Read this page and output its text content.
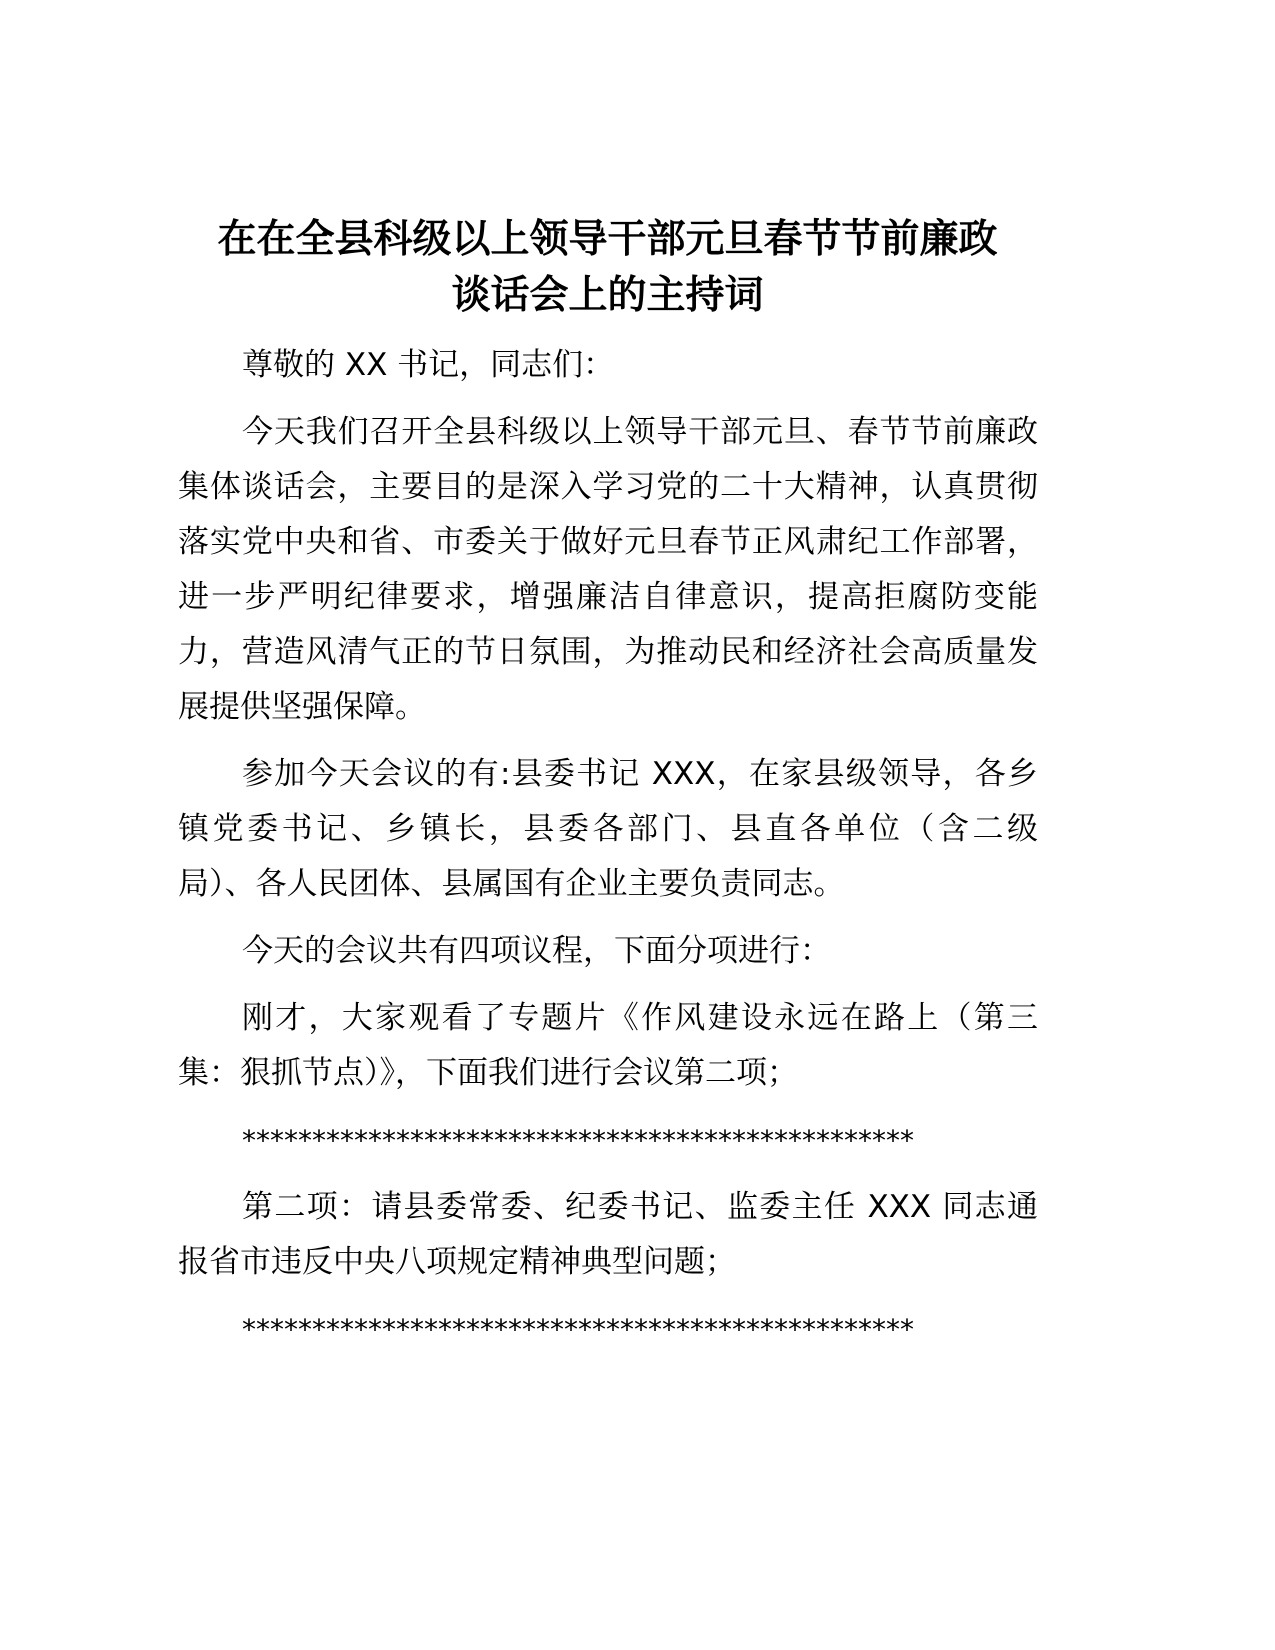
在在全县科级以上领导干部元旦春节节前廉政
谈话会上的主持词
尊敬的 XX 书记，同志们：
今天我们召开全县科级以上领导干部元旦、春节节前廉政
集体谈话会，主要目的是深入学习党的二十大精神，认真贯彻
落实党中央和省、市委关于做好元旦春节正风肃纪工作部署，
进一步严明纪律要求，增强廉洁自律意识，提高拒腐防变能
力，营造风清气正的节日氛围，为推动民和经济社会高质量发
展提供坚强保障。
参加今天会议的有:县委书记 XXX，在家县级领导，各乡
镇党委书记、乡镇长，县委各部门、县直各单位（含二级
局）、各人民团体、县属国有企业主要负责同志。
今天的会议共有四项议程，下面分项进行：
刚才，大家观看了专题片《作风建设永远在路上（第三
集：狠抓节点）》，下面我们进行会议第二项；
************************************************
第二项：请县委常委、纪委书记、监委主任 XXX 同志通
报省市违反中央八项规定精神典型问题；
************************************************
